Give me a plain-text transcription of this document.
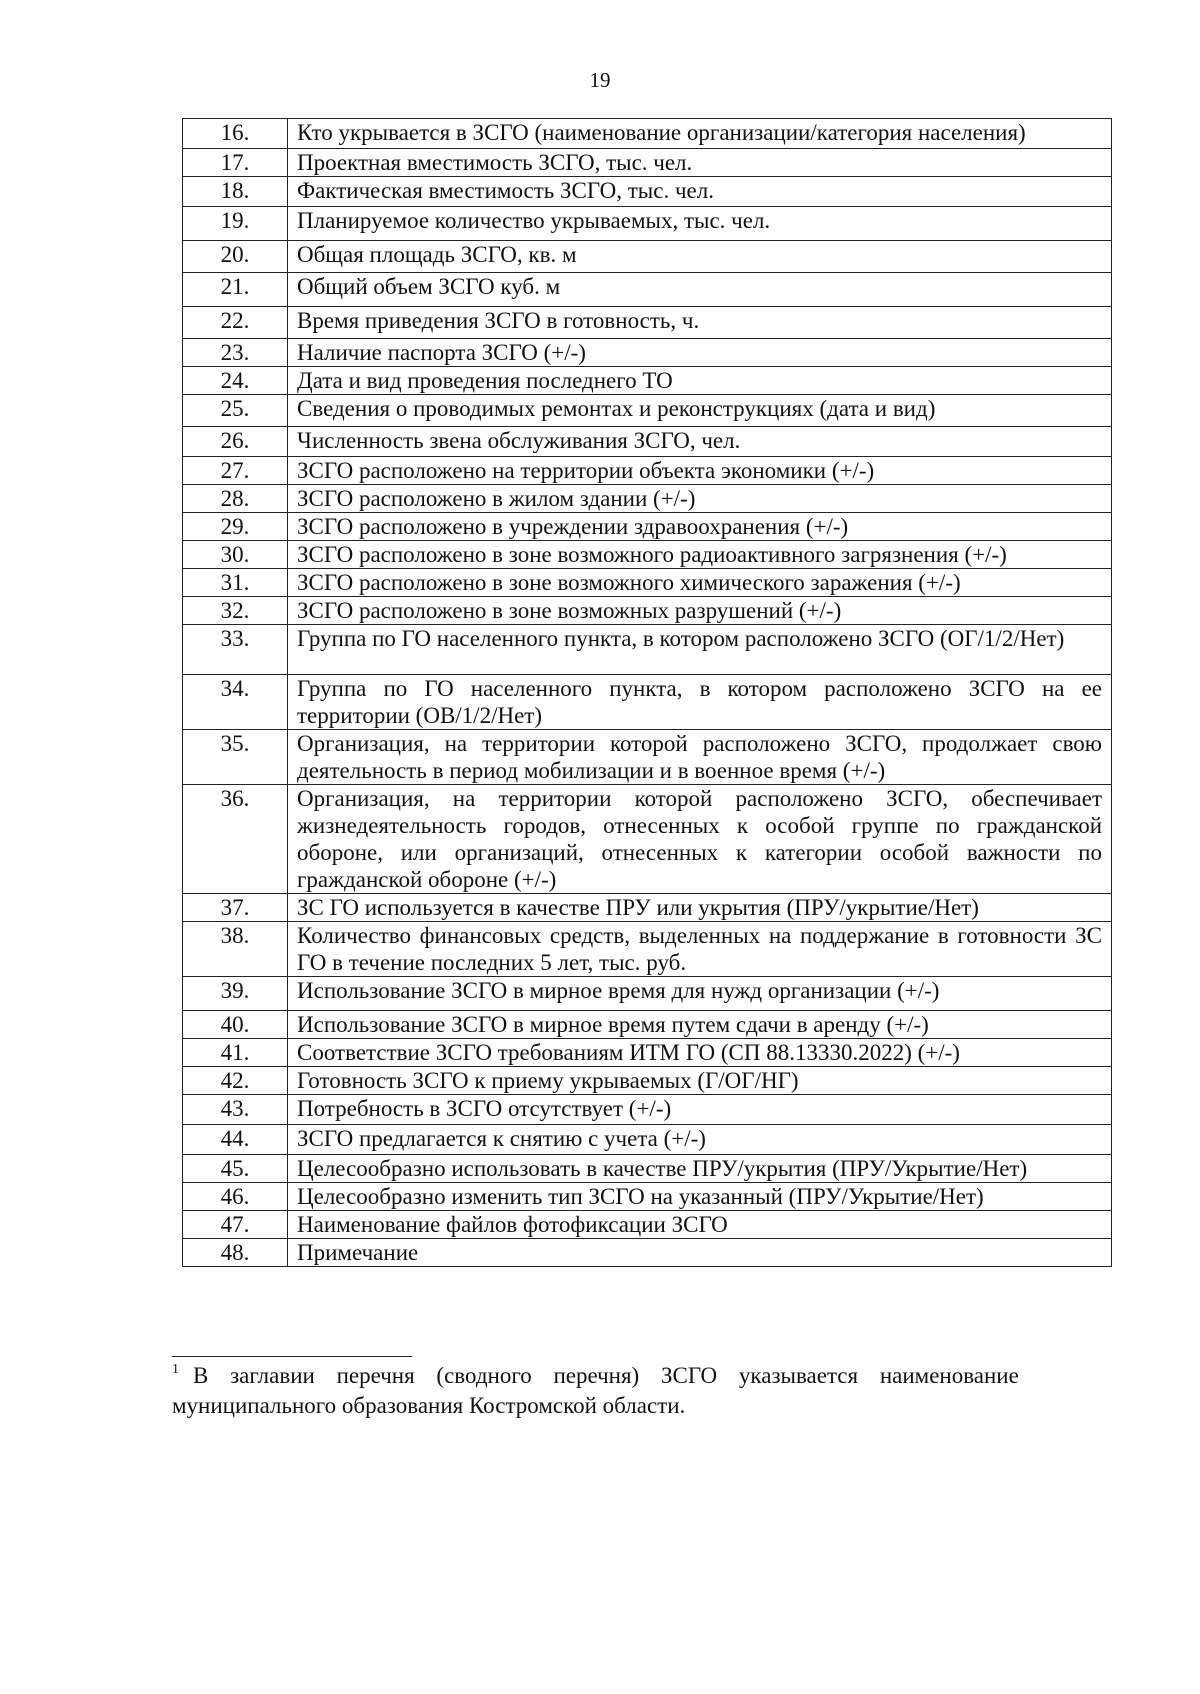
19
16.	Кто укрывается в ЗСГО (наименование организации/категория населения)
17.	Проектная вместимость ЗСГО, тыс. чел.
18.	Фактическая вместимость ЗСГО, тыс. чел.
19.	Планируемое количество укрываемых, тыс. чел.
20.	Общая площадь ЗСГО, кв. м
21.	Общий объем ЗСГО куб. м
22.	Время приведения ЗСГО в готовность, ч.
23.	Наличие паспорта ЗСГО (+/-)
24.	Дата и вид проведения последнего ТО
25.	Сведения о проводимых ремонтах и реконструкциях (дата и вид)
26.	Численность звена обслуживания ЗСГО, чел.
27.	ЗСГО расположено на территории объекта экономики (+/-)
28.	ЗСГО расположено в жилом здании (+/-)
29.	ЗСГО расположено в учреждении здравоохранения (+/-)
30.	ЗСГО расположено в зоне возможного радиоактивного загрязнения (+/-)
31.	ЗСГО расположено в зоне возможного химического заражения (+/-)
32.	ЗСГО расположено в зоне возможных разрушений (+/-)
33.	Группа по ГО населенного пункта, в котором расположено ЗСГО (ОГ/1/2/Нет)
34.	Группа по ГО населенного пункта, в котором расположено ЗСГО на ее территории (ОВ/1/2/Нет)
35.	Организация, на территории которой расположено ЗСГО, продолжает свою деятельность в период мобилизации и в военное время (+/-)
36.	Организация, на территории которой расположено ЗСГО, обеспечивает жизнедеятельность городов, отнесенных к особой группе по гражданской обороне, или организаций, отнесенных к категории особой важности по гражданской обороне (+/-)
37.	ЗС ГО используется в качестве ПРУ или укрытия (ПРУ/укрытие/Нет)
38.	Количество финансовых средств, выделенных на поддержание в готовности ЗС ГО в течение последних 5 лет, тыс. руб.
39.	Использование ЗСГО в мирное время для нужд организации (+/-)
40.	Использование ЗСГО в мирное время путем сдачи в аренду (+/-)
41.	Соответствие ЗСГО требованиям ИТМ ГО (СП 88.13330.2022) (+/-)
42.	Готовность ЗСГО к приему укрываемых (Г/ОГ/НГ)
43.	Потребность в ЗСГО отсутствует (+/-)
44.	ЗСГО предлагается к снятию с учета (+/-)
45.	Целесообразно использовать в качестве ПРУ/укрытия (ПРУ/Укрытие/Нет)
46.	Целесообразно изменить тип ЗСГО на указанный (ПРУ/Укрытие/Нет)
47.	Наименование файлов фотофиксации ЗСГО
48.	Примечание
$^1$ В заглавии перечня (сводного перечня) ЗСГО указывается наименование
муниципального образования Костромской области.
